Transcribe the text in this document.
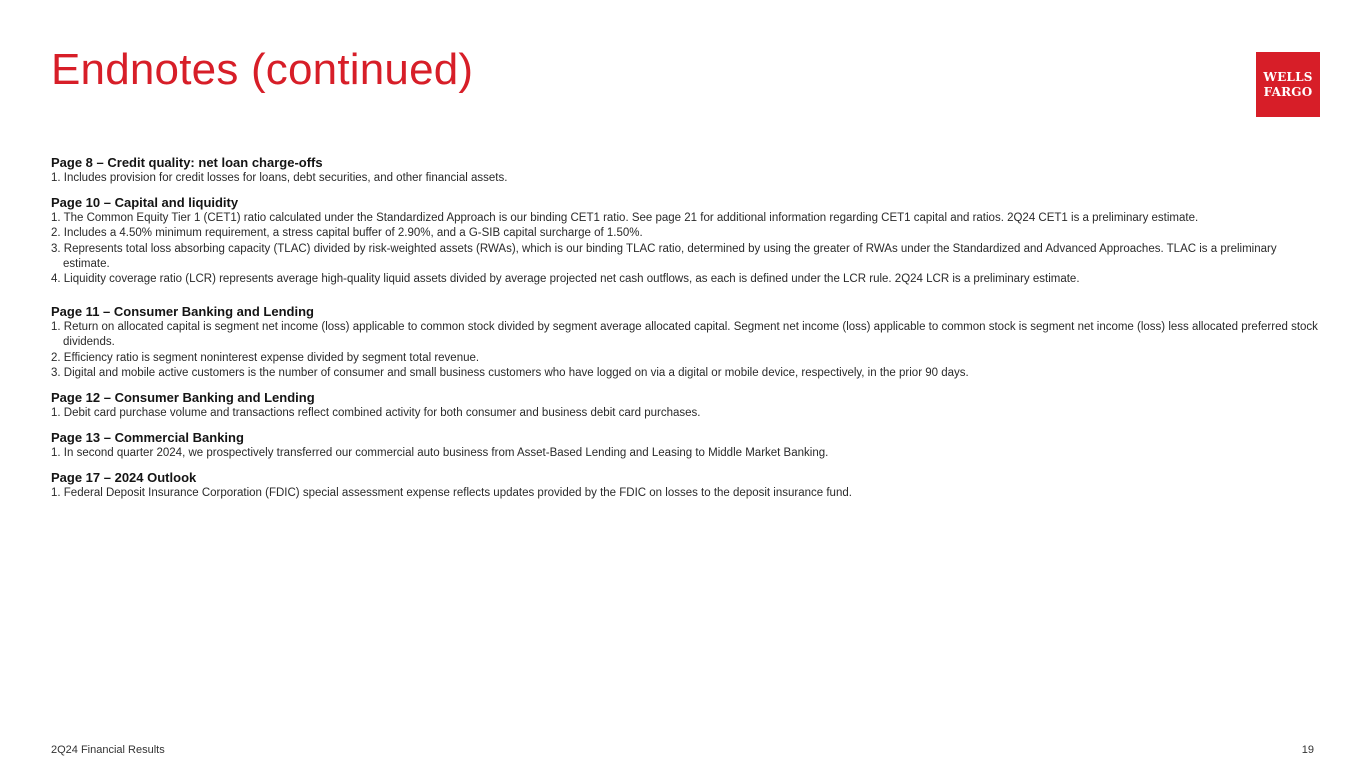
Endnotes (continued)	WELLS
FARGO
Page 8 – Credit quality: net loan charge-offs
1. Includes provision for credit losses for loans, debt securities, and other financial assets.
Page 10 – Capital and liquidity
1. The Common Equity Tier 1 (CET1) ratio calculated under the Standardized Approach is our binding CET1 ratio. See page 21 for additional information regarding CET1 capital and ratios. 2Q24 CET1 is a preliminary estimate.
2. Includes a 4.50% minimum requirement, a stress capital buffer of 2.90%, and a G-SIB capital surcharge of 1.50%.
3. Represents total loss absorbing capacity (TLAC) divided by risk-weighted assets (RWAs), which is our binding TLAC ratio, determined by using the greater of RWAs under the Standardized and Advanced Approaches. TLAC is a preliminary estimate.
4. Liquidity coverage ratio (LCR) represents average high-quality liquid assets divided by average projected net cash outflows, as each is defined under the LCR rule. 2Q24 LCR is a preliminary estimate.
Page 11 – Consumer Banking and Lending
1. Return on allocated capital is segment net income (loss) applicable to common stock divided by segment average allocated capital. Segment net income (loss) applicable to common stock is segment net income (loss) less allocated preferred stock dividends.
2. Efficiency ratio is segment noninterest expense divided by segment total revenue.
3. Digital and mobile active customers is the number of consumer and small business customers who have logged on via a digital or mobile device, respectively, in the prior 90 days.
Page 12 – Consumer Banking and Lending
1. Debit card purchase volume and transactions reflect combined activity for both consumer and business debit card purchases.
Page 13 – Commercial Banking
1. In second quarter 2024, we prospectively transferred our commercial auto business from Asset-Based Lending and Leasing to Middle Market Banking.
Page 17 – 2024 Outlook
1. Federal Deposit Insurance Corporation (FDIC) special assessment expense reflects updates provided by the FDIC on losses to the deposit insurance fund.
2Q24 Financial Results	19
